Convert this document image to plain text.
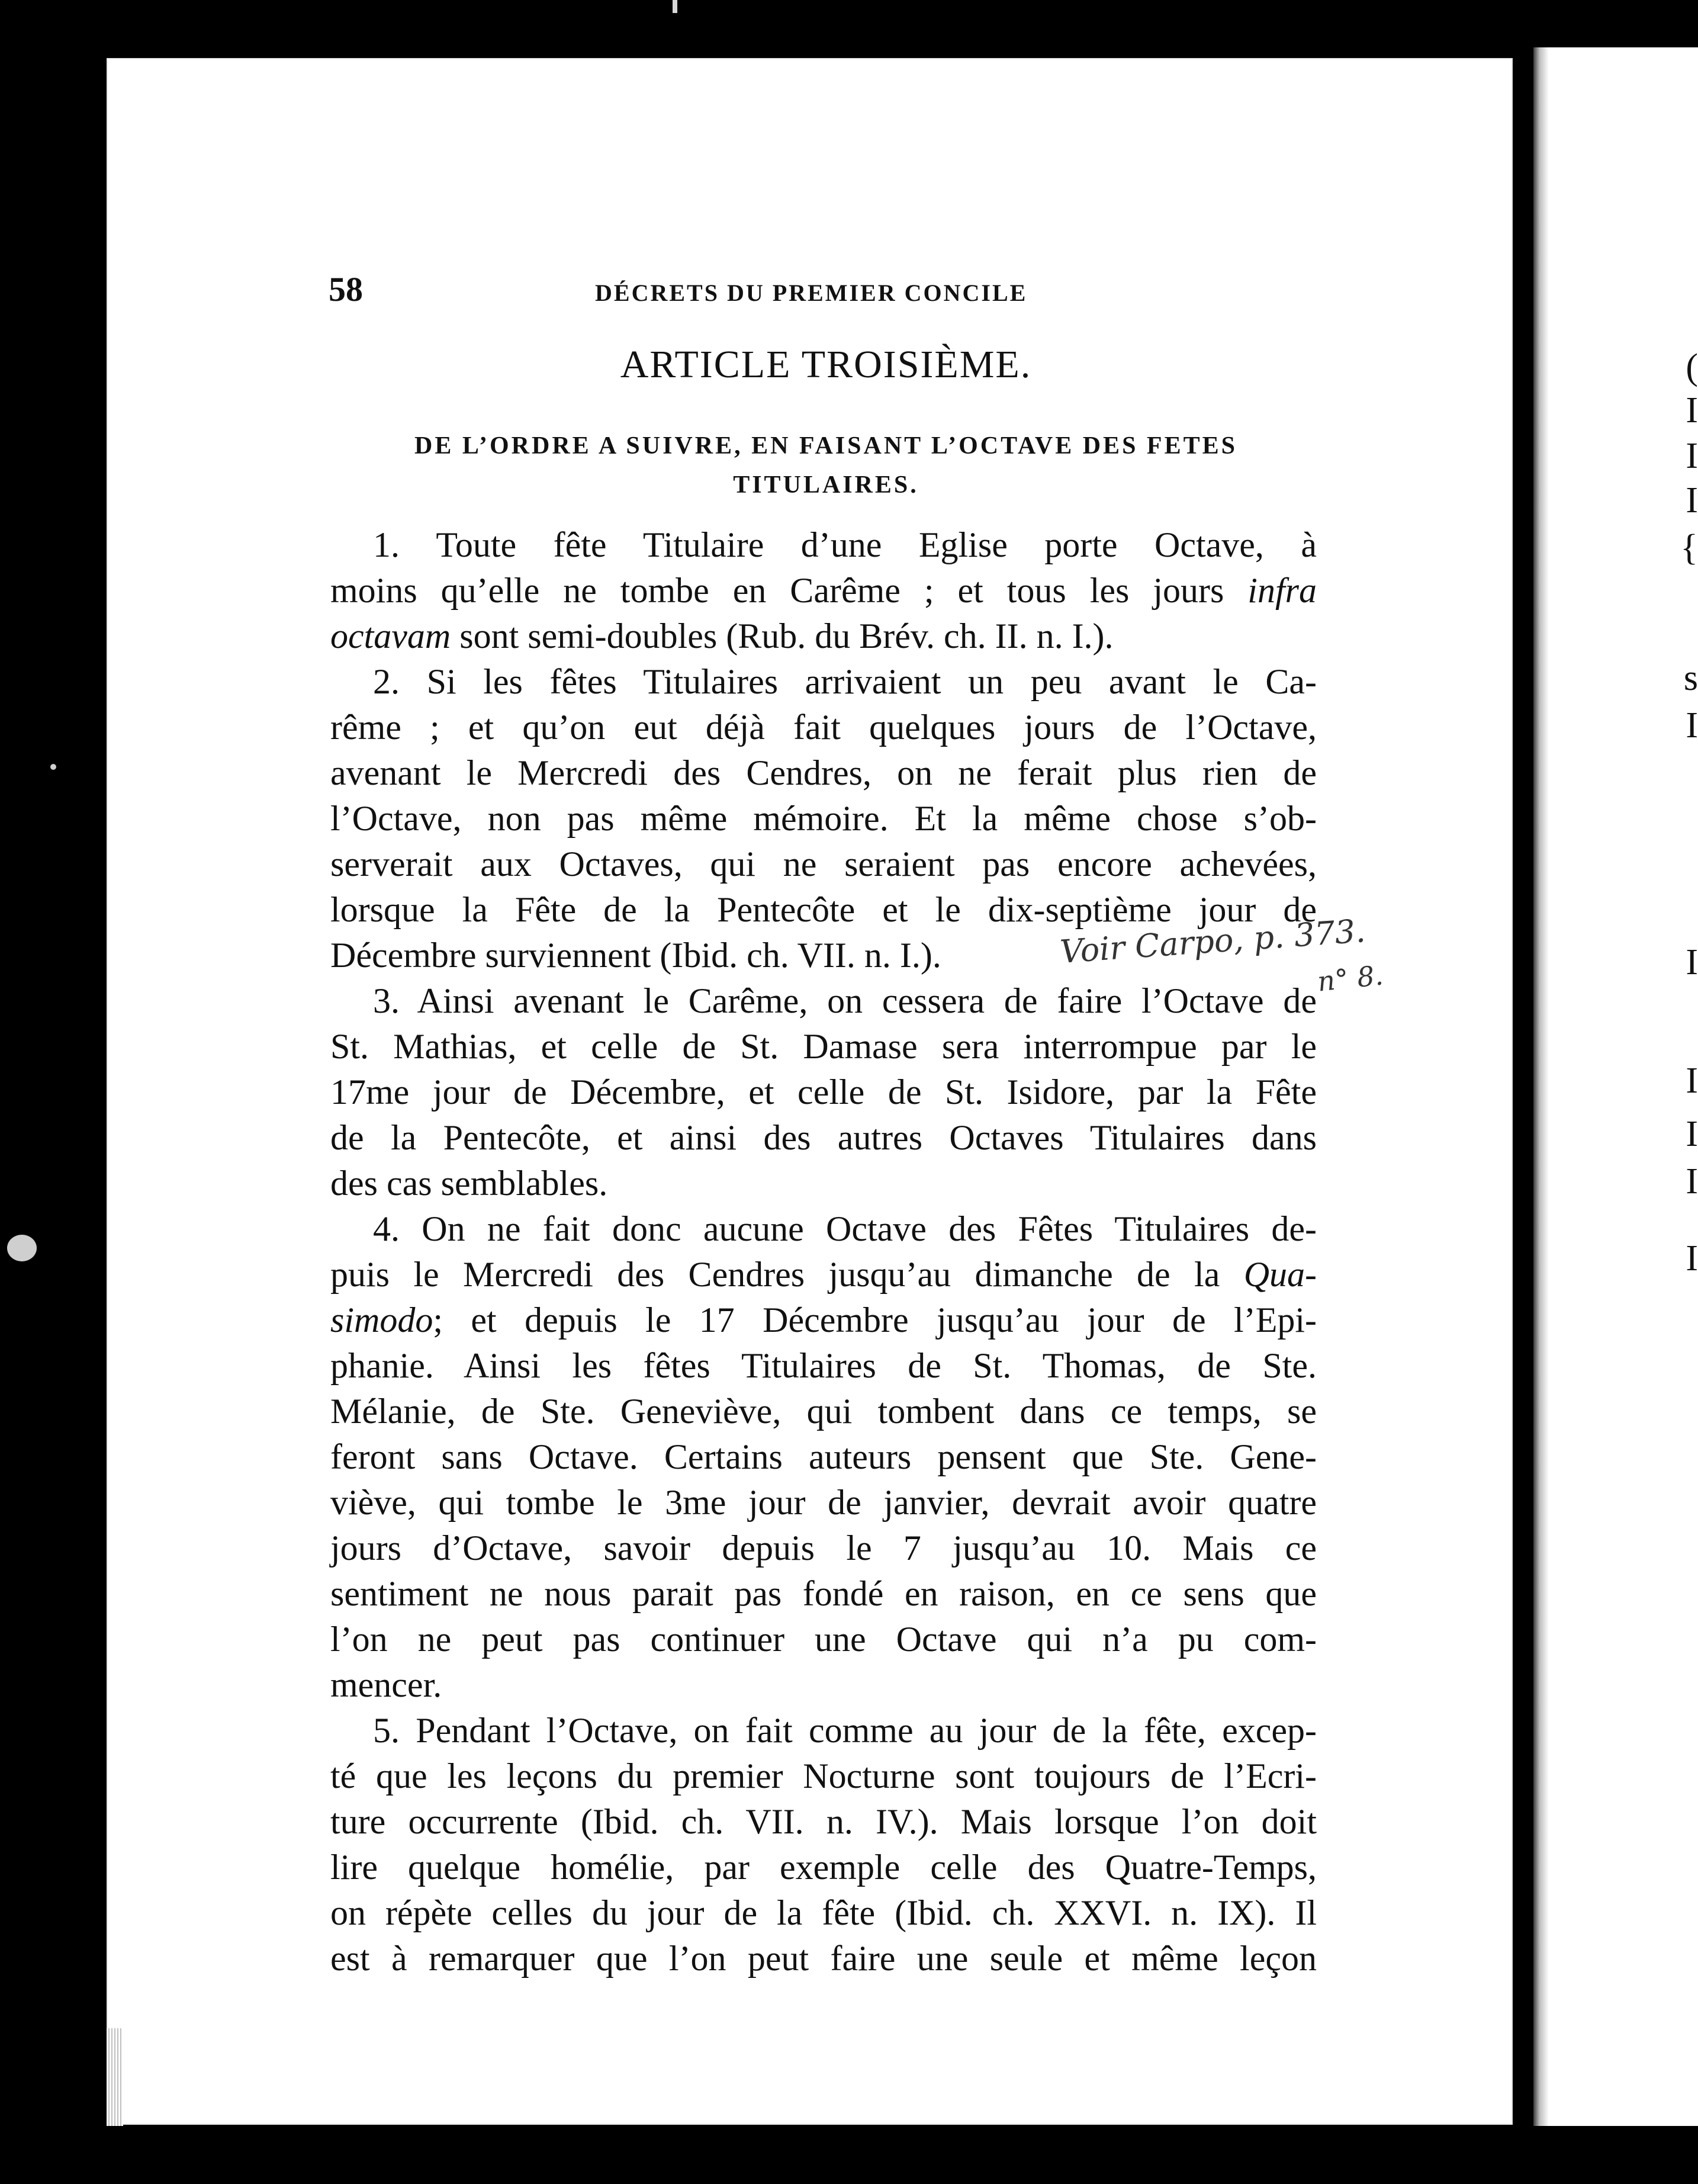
(
I
I
I
{
s
I
I
I
I
I
I
58	DÉCRETS DU PREMIER CONCILE
ARTICLE TROISIÈME.
DE L’ORDRE A SUIVRE, EN FAISANT L’OCTAVE DES FETES
TITULAIRES.
1. Toute fête Titulaire d’une Eglise porte Octave, à
moins qu’elle ne tombe en Carême ; et tous les jours infra
octavam sont semi-doubles (Rub. du Brév. ch. II. n. I.).
2. Si les fêtes Titulaires arrivaient un peu avant le Ca-
rême ; et qu’on eut déjà fait quelques jours de l’Octave,
avenant le Mercredi des Cendres, on ne ferait plus rien de
l’Octave, non pas même mémoire. Et la même chose s’ob-
serverait aux Octaves, qui ne seraient pas encore achevées,
lorsque la Fête de la Pentecôte et le dix-septième jour de
Décembre surviennent (Ibid. ch. VII. n. I.).
3. Ainsi avenant le Carême, on cessera de faire l’Octave de
St. Mathias, et celle de St. Damase sera interrompue par le
17me jour de Décembre, et celle de St. Isidore, par la Fête
de la Pentecôte, et ainsi des autres Octaves Titulaires dans
des cas semblables.
4. On ne fait donc aucune Octave des Fêtes Titulaires de-
puis le Mercredi des Cendres jusqu’au dimanche de la Qua-
simodo; et depuis le 17 Décembre jusqu’au jour de l’Epi-
phanie. Ainsi les fêtes Titulaires de St. Thomas, de Ste.
Mélanie, de Ste. Geneviève, qui tombent dans ce temps, se
feront sans Octave. Certains auteurs pensent que Ste. Gene-
viève, qui tombe le 3me jour de janvier, devrait avoir quatre
jours d’Octave, savoir depuis le 7 jusqu’au 10. Mais ce
sentiment ne nous parait pas fondé en raison, en ce sens que
l’on ne peut pas continuer une Octave qui n’a pu com-
mencer.
5. Pendant l’Octave, on fait comme au jour de la fête, excep-
té que les leçons du premier Nocturne sont toujours de l’Ecri-
ture occurrente (Ibid. ch. VII. n. IV.). Mais lorsque l’on doit
lire quelque homélie, par exemple celle des Quatre-Temps,
on répète celles du jour de la fête (Ibid. ch. XXVI. n. IX). Il
est à remarquer que l’on peut faire une seule et même leçon
Voir Carpo, p. 373.
n° 8.
